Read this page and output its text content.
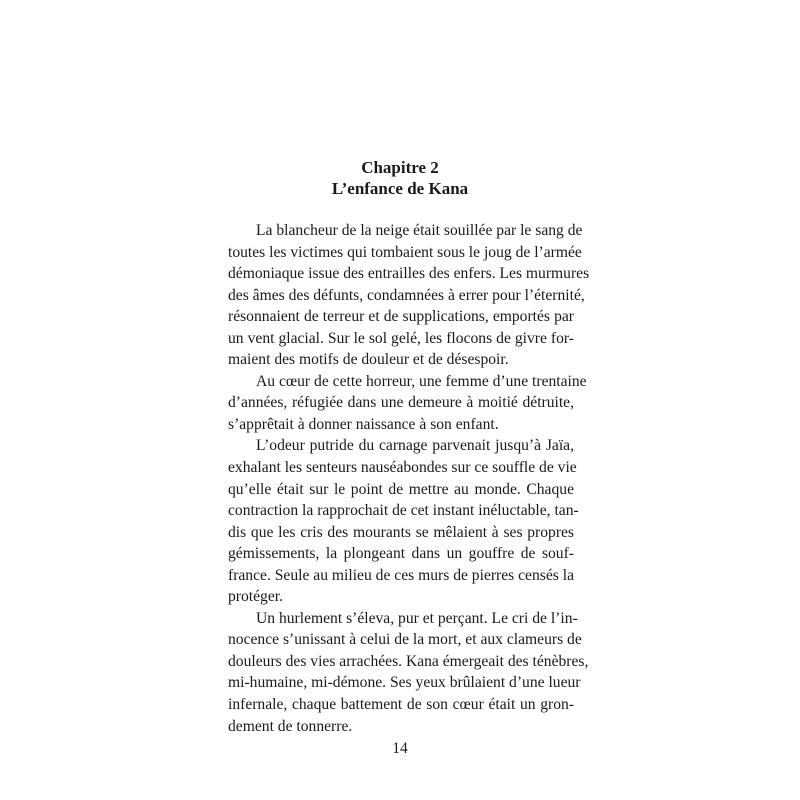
Chapitre 2
L’enfance de Kana
La blancheur de la neige était souillée par le sang de
toutes les victimes qui tombaient sous le joug de l’armée
démoniaque issue des entrailles des enfers. Les murmures
des âmes des défunts, condamnées à errer pour l’éternité,
résonnaient de terreur et de supplications, emportés par
un vent glacial. Sur le sol gelé, les flocons de givre for-
maient des motifs de douleur et de désespoir.
Au cœur de cette horreur, une femme d’une trentaine
d’années, réfugiée dans une demeure à moitié détruite,
s’apprêtait à donner naissance à son enfant.
L’odeur putride du carnage parvenait jusqu’à Jaïa,
exhalant les senteurs nauséabondes sur ce souffle de vie
qu’elle était sur le point de mettre au monde. Chaque
contraction la rapprochait de cet instant inéluctable, tan-
dis que les cris des mourants se mêlaient à ses propres
gémissements, la plongeant dans un gouffre de souf-
france. Seule au milieu de ces murs de pierres censés la
protéger.
Un hurlement s’éleva, pur et perçant. Le cri de l’in-
nocence s’unissant à celui de la mort, et aux clameurs de
douleurs des vies arrachées. Kana émergeait des ténèbres,
mi-humaine, mi-démone. Ses yeux brûlaient d’une lueur
infernale, chaque battement de son cœur était un gron-
dement de tonnerre.
14
